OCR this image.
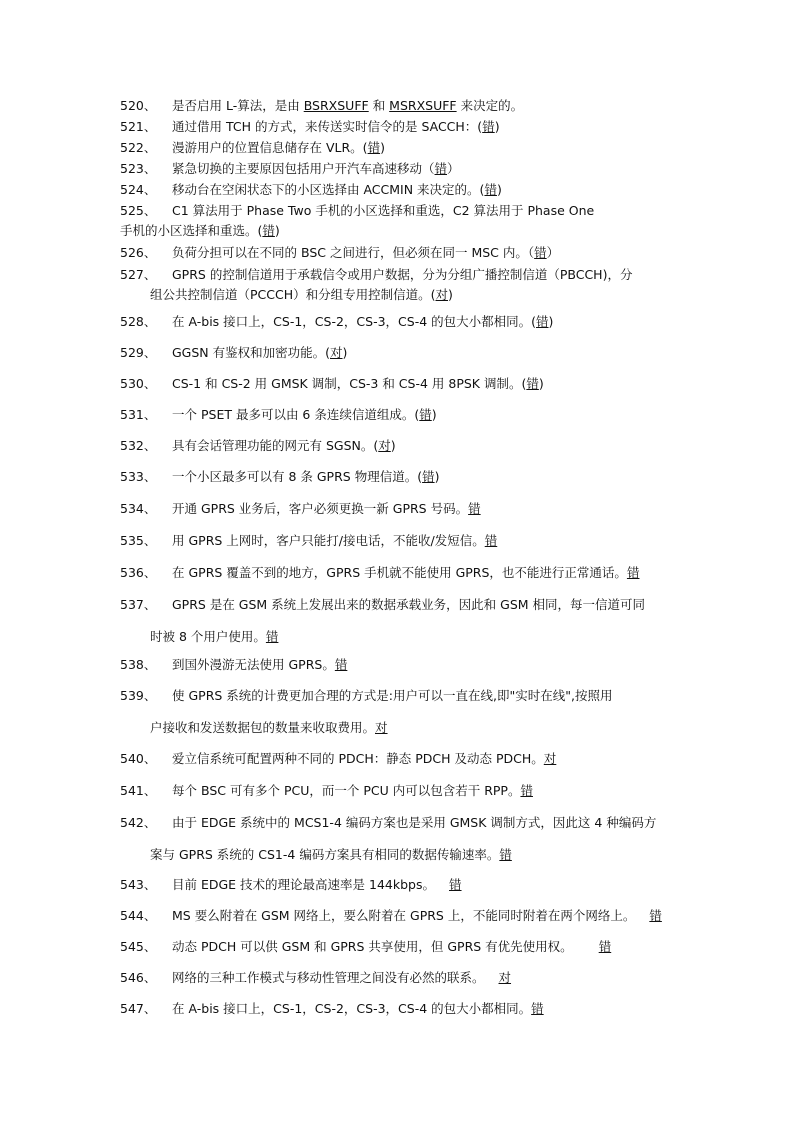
520、	是否启用 L-算法，是由 BSRXSUFF 和 MSRXSUFF 来决定的。
521、	通过借用 TCH 的方式，来传送实时信令的是 SACCH：(错)
522、	漫游用户的位置信息储存在 VLR。(错)
523、	紧急切换的主要原因包括用户开汽车高速移动（错）
524、	移动台在空闲状态下的小区选择由 ACCMIN 来决定的。(错)
525、	C1 算法用于 Phase Two 手机的小区选择和重选，C2 算法用于 Phase One
手机的小区选择和重选。(错)
526、	负荷分担可以在不同的 BSC 之间进行，但必须在同一 MSC 内。（错）
527、	GPRS 的控制信道用于承载信令或用户数据，分为分组广播控制信道（PBCCH)，分
组公共控制信道（PCCCH）和分组专用控制信道。(对)
528、	在 A-bis 接口上，CS-1，CS-2，CS-3，CS-4 的包大小都相同。(错)
529、	GGSN 有鉴权和加密功能。(对)
530、	CS-1 和 CS-2 用 GMSK 调制，CS-3 和 CS-4 用 8PSK 调制。(错)
531、	一个 PSET 最多可以由 6 条连续信道组成。(错)
532、	具有会话管理功能的网元有 SGSN。(对)
533、	一个小区最多可以有 8 条 GPRS 物理信道。(错)
534、	开通 GPRS 业务后，客户必须更换一新 GPRS 号码。错
535、	用 GPRS 上网时，客户只能打/接电话，不能收/发短信。错
536、	在 GPRS 覆盖不到的地方，GPRS 手机就不能使用 GPRS，也不能进行正常通话。错
537、	GPRS 是在 GSM 系统上发展出来的数据承载业务，因此和 GSM 相同，每一信道可同
时被 8 个用户使用。错
538、	到国外漫游无法使用 GPRS。错
539、	使 GPRS 系统的计费更加合理的方式是:用户可以一直在线,即"实时在线",按照用
户接收和发送数据包的数量来收取费用。对
540、	爱立信系统可配置两种不同的 PDCH：静态 PDCH 及动态 PDCH。对
541、	每个 BSC 可有多个 PCU，而一个 PCU 内可以包含若干 RPP。错
542、	由于 EDGE 系统中的 MCS1-4 编码方案也是采用 GMSK 调制方式，因此这 4 种编码方
案与 GPRS 系统的 CS1-4 编码方案具有相同的数据传输速率。错
543、	目前 EDGE 技术的理论最高速率是 144kbps。 错
544、	MS 要么附着在 GSM 网络上，要么附着在 GPRS 上，不能同时附着在两个网络上。 错
545、	动态 PDCH 可以供 GSM 和 GPRS 共享使用，但 GPRS 有优先使用权。 错
546、	网络的三种工作模式与移动性管理之间没有必然的联系。 对
547、	在 A-bis 接口上，CS-1，CS-2，CS-3，CS-4 的包大小都相同。错
